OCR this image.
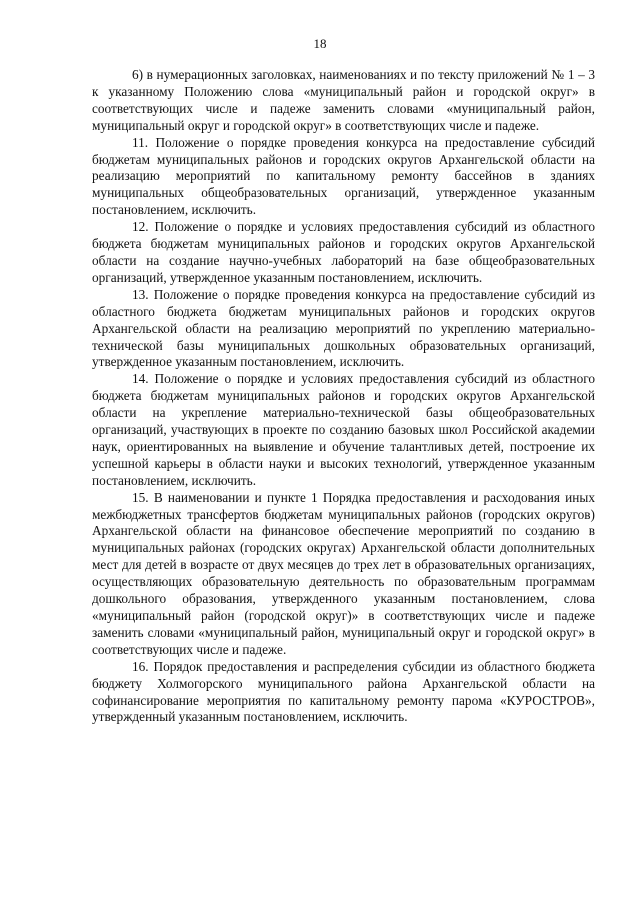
18

6) в нумерационных заголовках, наименованиях и по тексту приложений № 1 – 3 к указанному Положению слова «муниципальный район и городской округ» в соответствующих числе и падеже заменить словами «муниципальный район, муниципальный округ и городской округ» в соответствующих числе и падеже.

11. Положение о порядке проведения конкурса на предоставление субсидий бюджетам муниципальных районов и городских округов Архангельской области на реализацию мероприятий по капитальному ремонту бассейнов в зданиях муниципальных общеобразовательных организаций, утвержденное указанным постановлением, исключить.

12. Положение о порядке и условиях предоставления субсидий из областного бюджета бюджетам муниципальных районов и городских округов Архангельской области на создание научно-учебных лабораторий на базе общеобразовательных организаций, утвержденное указанным постановлением, исключить.

13. Положение о порядке проведения конкурса на предоставление субсидий из областного бюджета бюджетам муниципальных районов и городских округов Архангельской области на реализацию мероприятий по укреплению материально-технической базы муниципальных дошкольных образовательных организаций, утвержденное указанным постановлением, исключить.

14. Положение о порядке и условиях предоставления субсидий из областного бюджета бюджетам муниципальных районов и городских округов Архангельской области на укрепление материально-технической базы общеобразовательных организаций, участвующих в проекте по созданию базовых школ Российской академии наук, ориентированных на выявление и обучение талантливых детей, построение их успешной карьеры в области науки и высоких технологий, утвержденное указанным постановлением, исключить.

15. В наименовании и пункте 1 Порядка предоставления и расходования иных межбюджетных трансфертов бюджетам муниципальных районов (городских округов) Архангельской области на финансовое обеспечение мероприятий по созданию в муниципальных районах (городских округах) Архангельской области дополнительных мест для детей в возрасте от двух месяцев до трех лет в образовательных организациях, осуществляющих образовательную деятельность по образовательным программам дошкольного образования, утвержденного указанным постановлением, слова «муниципальный район (городской округ)» в соответствующих числе и падеже заменить словами «муниципальный район, муниципальный округ и городской округ» в соответствующих числе и падеже.

16. Порядок предоставления и распределения субсидии из областного бюджета бюджету Холмогорского муниципального района Архангельской области на софинансирование мероприятия по капитальному ремонту парома «КУРОСТРОВ», утвержденный указанным постановлением, исключить.
